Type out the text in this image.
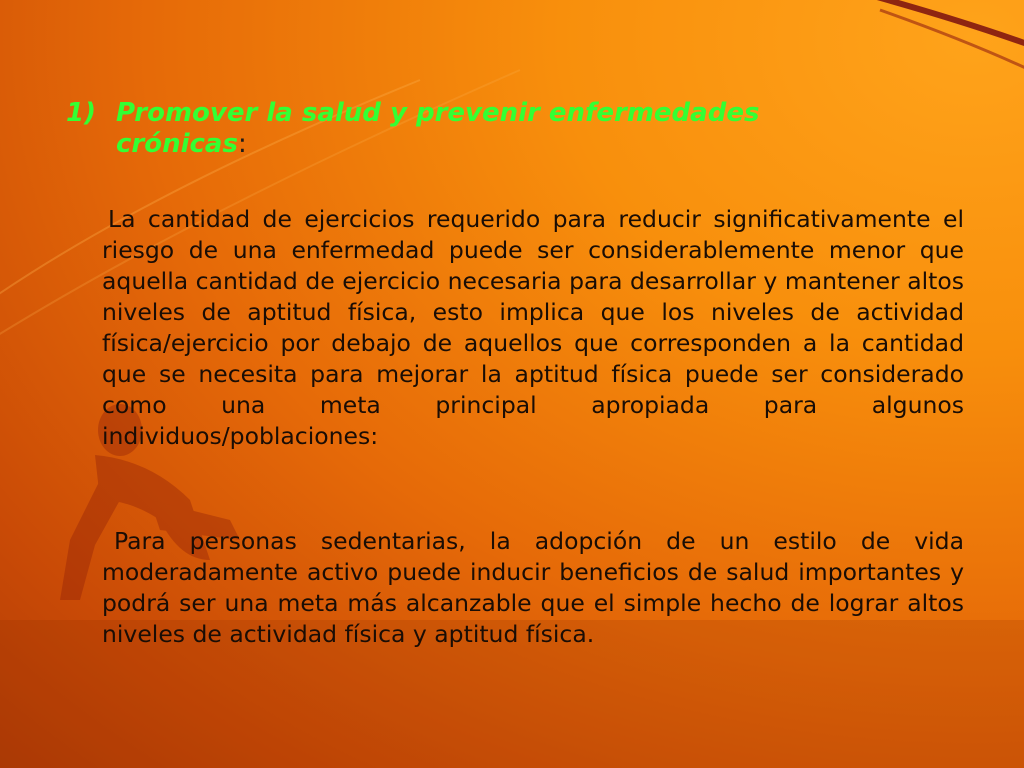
1) Promover la salud y prevenir enfermedades crónicas:

La cantidad de ejercicios requerido para reducir significativamente el riesgo de una enfermedad puede ser considerablemente menor que aquella cantidad de ejercicio necesaria para desarrollar y mantener altos niveles de aptitud física, esto implica que los niveles de actividad física/ejercicio por debajo de aquellos que corresponden a la cantidad que se necesita para mejorar la aptitud física puede ser considerado como una meta principal apropiada para algunos individuos/poblaciones:

Para personas sedentarias, la adopción de un estilo de vida moderadamente activo puede inducir beneficios de salud importantes y podrá ser una meta más alcanzable que el simple hecho de lograr altos niveles de actividad física y aptitud física.
